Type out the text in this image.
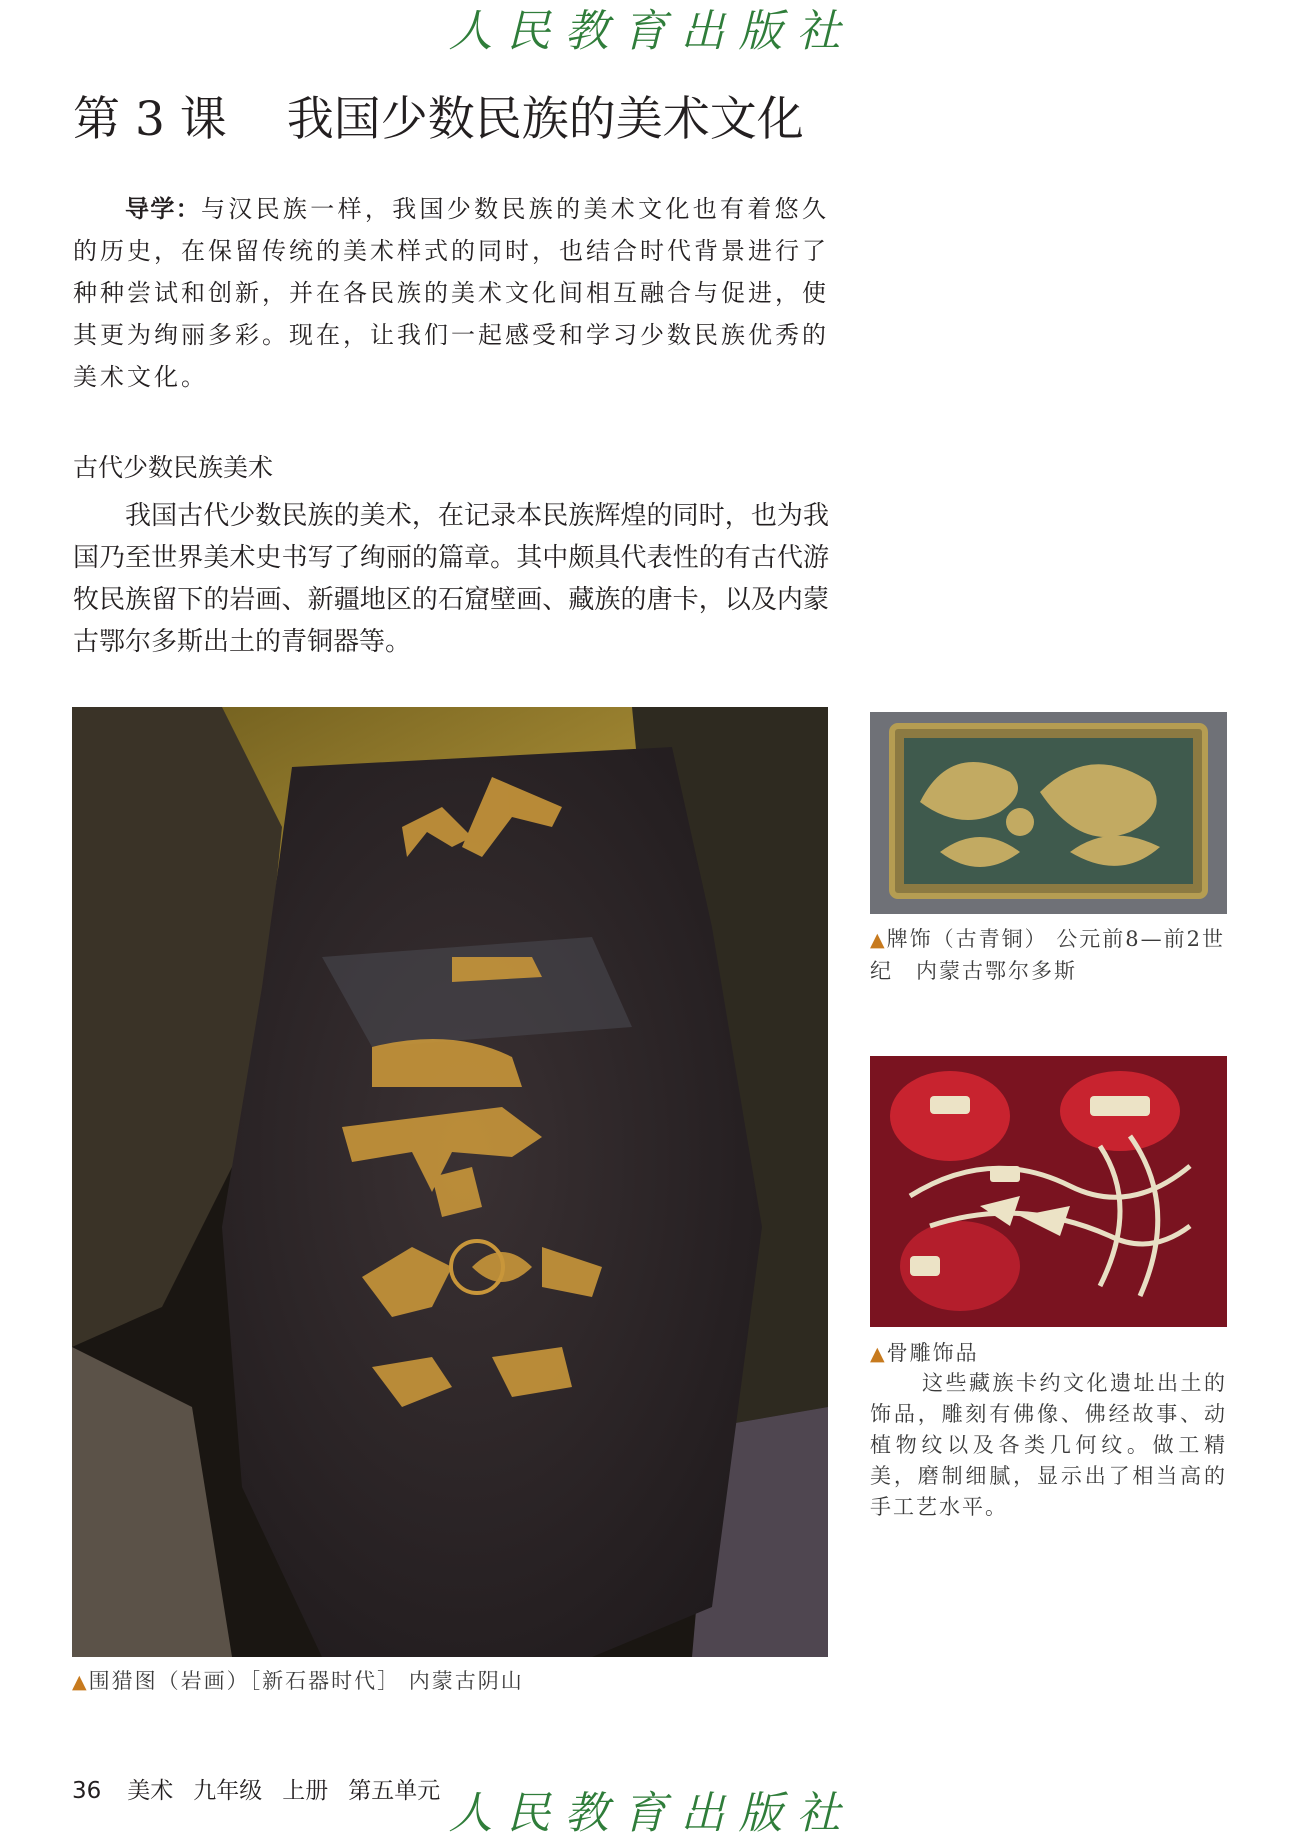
人民教育出版社
第 3 课 我国少数民族的美术文化

导学：与汉民族一样，我国少数民族的美术文化也有着悠久的历史，在保留传统的美术样式的同时，也结合时代背景进行了种种尝试和创新，并在各民族的美术文化间相互融合与促进，使其更为绚丽多彩。现在，让我们一起感受和学习少数民族优秀的美术文化。

古代少数民族美术

我国古代少数民族的美术，在记录本民族辉煌的同时，也为我国乃至世界美术史书写了绚丽的篇章。其中颇具代表性的有古代游牧民族留下的岩画、新疆地区的石窟壁画、藏族的唐卡，以及内蒙古鄂尔多斯出土的青铜器等。

▲围猎图（岩画）［新石器时代］ 内蒙古阴山

▲牌饰（古青铜） 公元前8—前2世纪　内蒙古鄂尔多斯

▲骨雕饰品

这些藏族卡约文化遗址出土的饰品，雕刻有佛像、佛经故事、动植物纹以及各类几何纹。做工精美，磨制细腻，显示出了相当高的手工艺水平。

36 美术 九年级 上册 第五单元 人民教育出版社
